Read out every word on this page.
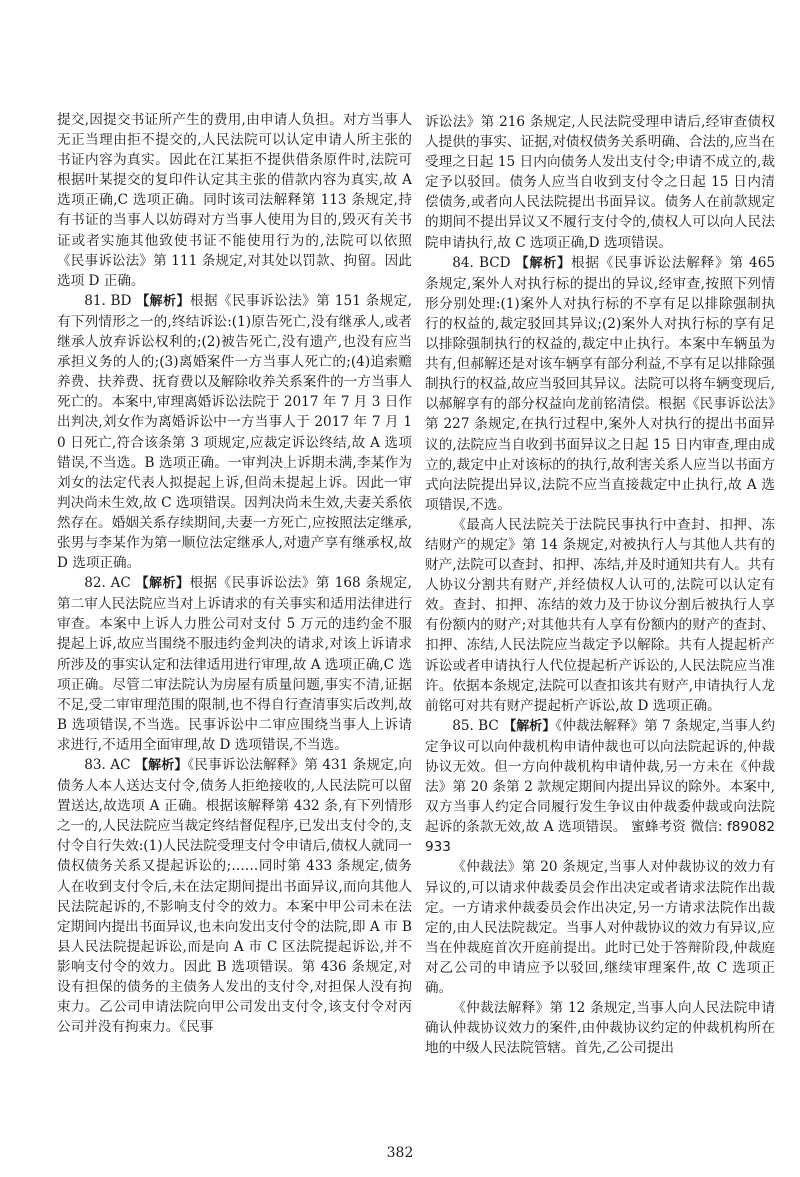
提交,因提交书证所产生的费用,由申请人负担。对方当事人无正当理由拒不提交的,人民法院可以认定申请人所主张的书证内容为真实。因此在江某拒不提供借条原件时,法院可根据叶某提交的复印件认定其主张的借款内容为真实,故 A 选项正确,C 选项正确。同时该司法解释第 113 条规定,持有书证的当事人以妨碍对方当事人使用为目的,毁灭有关书证或者实施其他致使书证不能使用行为的,法院可以依照《民事诉讼法》第 111 条规定,对其处以罚款、拘留。因此选项 D 正确。

81. BD 【解析】根据《民事诉讼法》第 151 条规定,有下列情形之一的,终结诉讼:(1)原告死亡,没有继承人,或者继承人放弃诉讼权利的;(2)被告死亡,没有遗产,也没有应当承担义务的人的;(3)离婚案件一方当事人死亡的;(4)追索赡养费、扶养费、抚育费以及解除收养关系案件的一方当事人死亡的。本案中,审理离婚诉讼法院于 2017 年 7 月 3 日作出判决,刘女作为离婚诉讼中一方当事人于 2017 年 7 月 10 日死亡,符合该条第 3 项规定,应裁定诉讼终结,故 A 选项错误,不当选。B 选项正确。一审判决上诉期未满,李某作为刘女的法定代表人拟提起上诉,但尚未提起上诉。因此一审判决尚未生效,故 C 选项错误。因判决尚未生效,夫妻关系依然存在。婚姻关系存续期间,夫妻一方死亡,应按照法定继承,张男与李某作为第一顺位法定继承人,对遗产享有继承权,故 D 选项正确。

82. AC 【解析】根据《民事诉讼法》第 168 条规定,第二审人民法院应当对上诉请求的有关事实和适用法律进行审查。本案中上诉人力胜公司对支付 5 万元的违约金不服提起上诉,故应当围绕不服违约金判决的请求,对该上诉请求所涉及的事实认定和法律适用进行审理,故 A 选项正确,C 选项正确。尽管二审法院认为房屋有质量问题,事实不清,证据不足,受二审审理范围的限制,也不得自行查清事实后改判,故 B 选项错误,不当选。民事诉讼中二审应围绕当事人上诉请求进行,不适用全面审理,故 D 选项错误,不当选。

83. AC 【解析】《民事诉讼法解释》第 431 条规定,向债务人本人送达支付令,债务人拒绝接收的,人民法院可以留置送达,故选项 A 正确。根据该解释第 432 条,有下列情形之一的,人民法院应当裁定终结督促程序,已发出支付令的,支付令自行失效:(1)人民法院受理支付令申请后,债权人就同一债权债务关系又提起诉讼的;……同时第 433 条规定,债务人在收到支付令后,未在法定期间提出书面异议,而向其他人民法院起诉的,不影响支付令的效力。本案中甲公司未在法定期间内提出书面异议,也未向发出支付令的法院,即 A 市 B 县人民法院提起诉讼,而是向 A 市 C 区法院提起诉讼,并不影响支付令的效力。因此 B 选项错误。第 436 条规定,对设有担保的债务的主债务人发出的支付令,对担保人没有拘束力。乙公司申请法院向甲公司发出支付令,该支付令对丙公司并没有拘束力。《民事

诉讼法》第 216 条规定,人民法院受理申请后,经审查债权人提供的事实、证据,对债权债务关系明确、合法的,应当在受理之日起 15 日内向债务人发出支付令;申请不成立的,裁定予以驳回。债务人应当自收到支付令之日起 15 日内清偿债务,或者向人民法院提出书面异议。债务人在前款规定的期间不提出异议又不履行支付令的,债权人可以向人民法院申请执行,故 C 选项正确,D 选项错误。

84. BCD 【解析】根据《民事诉讼法解释》第 465 条规定,案外人对执行标的提出的异议,经审查,按照下列情形分别处理:(1)案外人对执行标的不享有足以排除强制执行的权益的,裁定驳回其异议;(2)案外人对执行标的享有足以排除强制执行的权益的,裁定中止执行。本案中车辆虽为共有,但郝解还是对该车辆享有部分利益,不享有足以排除强制执行的权益,故应当驳回其异议。法院可以将车辆变现后,以郝解享有的部分权益向龙前铭清偿。根据《民事诉讼法》第 227 条规定,在执行过程中,案外人对执行的提出书面异议的,法院应当自收到书面异议之日起 15 日内审查,理由成立的,裁定中止对该标的的执行,故利害关系人应当以书面方式向法院提出异议,法院不应当直接裁定中止执行,故 A 选项错误,不选。

《最高人民法院关于法院民事执行中查封、扣押、冻结财产的规定》第 14 条规定,对被执行人与其他人共有的财产,法院可以查封、扣押、冻结,并及时通知共有人。共有人协议分割共有财产,并经债权人认可的,法院可以认定有效。查封、扣押、冻结的效力及于协议分割后被执行人享有份额内的财产;对其他共有人享有份额内的财产的查封、扣押、冻结,人民法院应当裁定予以解除。共有人提起析产诉讼或者申请执行人代位提起析产诉讼的,人民法院应当准许。依据本条规定,法院可以查扣该共有财产,申请执行人龙前铭可对共有财产提起析产诉讼,故 D 选项正确。

85. BC 【解析】《仲裁法解释》第 7 条规定,当事人约定争议可以向仲裁机构申请仲裁也可以向法院起诉的,仲裁协议无效。但一方向仲裁机构申请仲裁,另一方未在《仲裁法》第 20 条第 2 款规定期间内提出异议的除外。本案中,双方当事人约定合同履行发生争议由仲裁委仲裁或向法院起诉的条款无效,故 A 选项错误。 蜜蜂考资 微信: f89082933

《仲裁法》第 20 条规定,当事人对仲裁协议的效力有异议的,可以请求仲裁委员会作出决定或者请求法院作出裁定。一方请求仲裁委员会作出决定,另一方请求法院作出裁定的,由人民法院裁定。当事人对仲裁协议的效力有异议,应当在仲裁庭首次开庭前提出。此时已处于答辩阶段,仲裁庭对乙公司的申请应予以驳回,继续审理案件,故 C 选项正确。

《仲裁法解释》第 12 条规定,当事人向人民法院申请确认仲裁协议效力的案件,由仲裁协议约定的仲裁机构所在地的中级人民法院管辖。首先,乙公司提出

382
